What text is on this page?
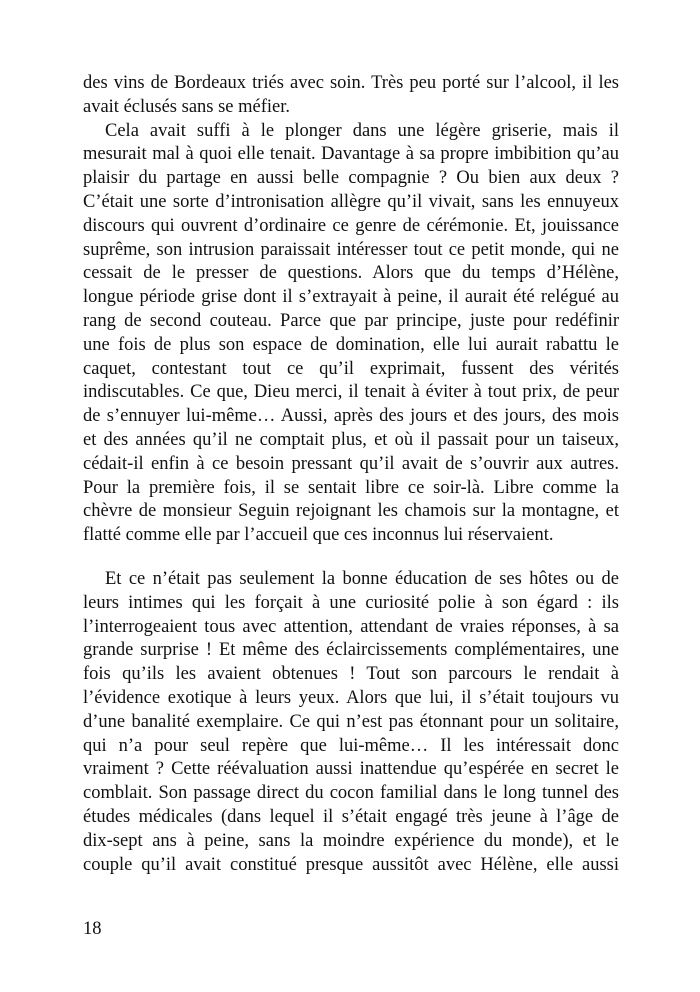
des vins de Bordeaux triés avec soin. Très peu porté sur l’alcool, il les
avait éclusés sans se méfier.
Cela avait suffi à le plonger dans une légère griserie, mais il
mesurait mal à quoi elle tenait. Davantage à sa propre imbibition qu’au
plaisir du partage en aussi belle compagnie ? Ou bien aux deux ?
C’était une sorte d’intronisation allègre qu’il vivait, sans les ennuyeux
discours qui ouvrent d’ordinaire ce genre de cérémonie. Et, jouissance
suprême, son intrusion paraissait intéresser tout ce petit monde, qui ne
cessait de le presser de questions. Alors que du temps d’Hélène,
longue période grise dont il s’extrayait à peine, il aurait été relégué au
rang de second couteau. Parce que par principe, juste pour redéfinir
une fois de plus son espace de domination, elle lui aurait rabattu le
caquet, contestant tout ce qu’il exprimait, fussent des vérités
indiscutables. Ce que, Dieu merci, il tenait à éviter à tout prix, de peur
de s’ennuyer lui-même… Aussi, après des jours et des jours, des mois
et des années qu’il ne comptait plus, et où il passait pour un taiseux,
cédait-il enfin à ce besoin pressant qu’il avait de s’ouvrir aux autres.
Pour la première fois, il se sentait libre ce soir-là. Libre comme la
chèvre de monsieur Seguin rejoignant les chamois sur la montagne, et
flatté comme elle par l’accueil que ces inconnus lui réservaient.
Et ce n’était pas seulement la bonne éducation de ses hôtes ou de
leurs intimes qui les forçait à une curiosité polie à son égard : ils
l’interrogeaient tous avec attention, attendant de vraies réponses, à sa
grande surprise ! Et même des éclaircissements complémentaires, une
fois qu’ils les avaient obtenues ! Tout son parcours le rendait à
l’évidence exotique à leurs yeux. Alors que lui, il s’était toujours vu
d’une banalité exemplaire. Ce qui n’est pas étonnant pour un solitaire,
qui n’a pour seul repère que lui-même… Il les intéressait donc
vraiment ? Cette réévaluation aussi inattendue qu’espérée en secret le
comblait. Son passage direct du cocon familial dans le long tunnel des
études médicales (dans lequel il s’était engagé très jeune à l’âge de
dix-sept ans à peine, sans la moindre expérience du monde), et le
couple qu’il avait constitué presque aussitôt avec Hélène, elle aussi
18
